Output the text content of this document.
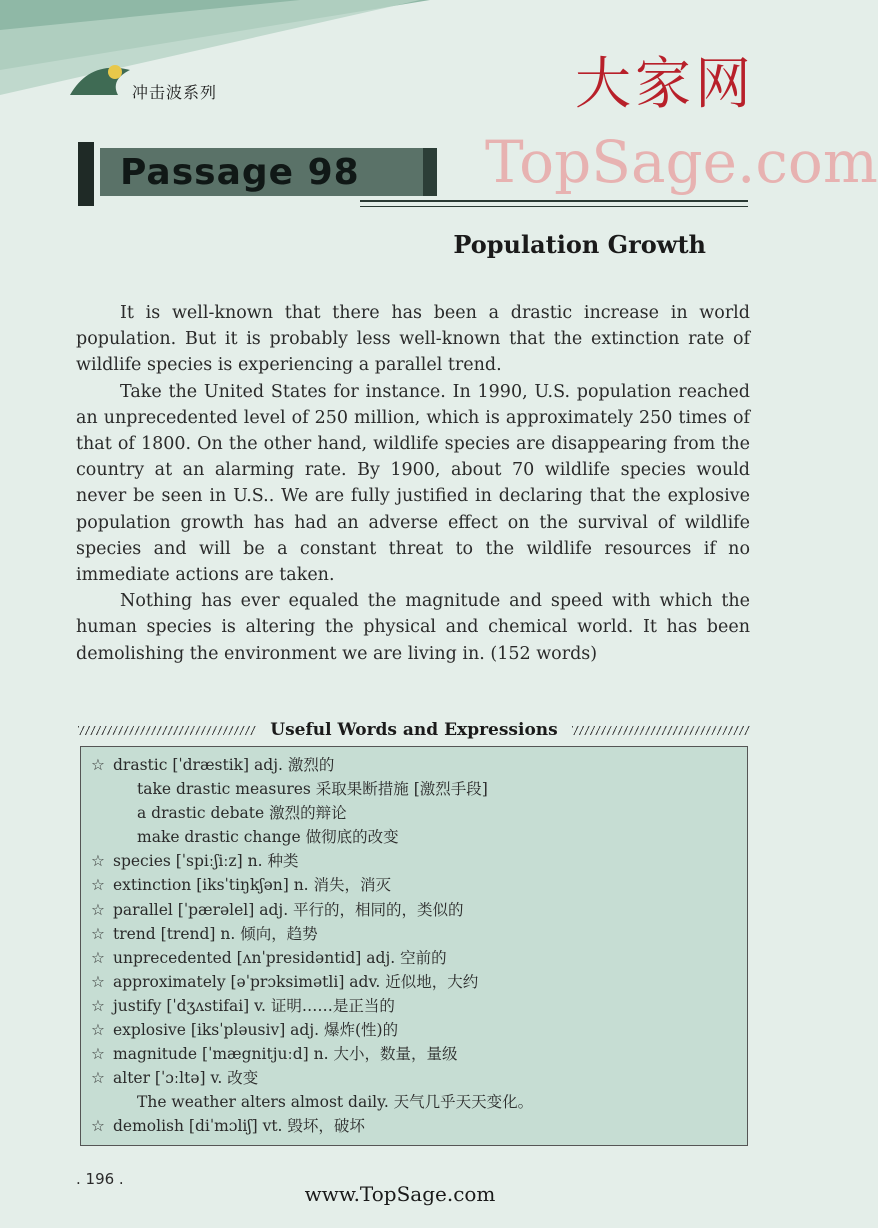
冲击波系列	大家网
TopSage.com
Passage 98
Population Growth

It is well-known that there has been a drastic increase in world population. But it is probably less well-known that the extinction rate of wildlife species is experiencing a parallel trend.

Take the United States for instance. In 1990, U.S. population reached an unprecedented level of 250 million, which is approximately 250 times of that of 1800. On the other hand, wildlife species are disappearing from the country at an alarming rate. By 1900, about 70 wildlife species would never be seen in U.S.. We are fully justified in declaring that the explosive population growth has had an adverse effect on the survival of wildlife species and will be a constant threat to the wildlife resources if no immediate actions are taken.

Nothing has ever equaled the magnitude and speed with which the human species is altering the physical and chemical world. It has been demolishing the environment we are living in. (152 words)

Useful Words and Expressions
☆ drastic [ˈdræstik] adj. 激烈的
take drastic measures 采取果断措施 [激烈手段]
a drastic debate 激烈的辩论
make drastic change 做彻底的改变
☆ species [ˈspiːʃiːz] n. 种类
☆ extinction [iksˈtiŋkʃən] n. 消失，消灭
☆ parallel [ˈpærəlel] adj. 平行的，相同的，类似的
☆ trend [trend] n. 倾向，趋势
☆ unprecedented [ʌnˈpresidəntid] adj. 空前的
☆ approximately [əˈprɔksimətli] adv. 近似地，大约
☆ justify [ˈdʒʌstifai] v. 证明……是正当的
☆ explosive [iksˈpləusiv] adj. 爆炸(性)的
☆ magnitude [ˈmægnitjuːd] n. 大小，数量，量级
☆ alter [ˈɔːltə] v. 改变
The weather alters almost daily. 天气几乎天天变化。
☆ demolish [diˈmɔliʃ] vt. 毁坏，破坏
. 196 .
www.TopSage.com
